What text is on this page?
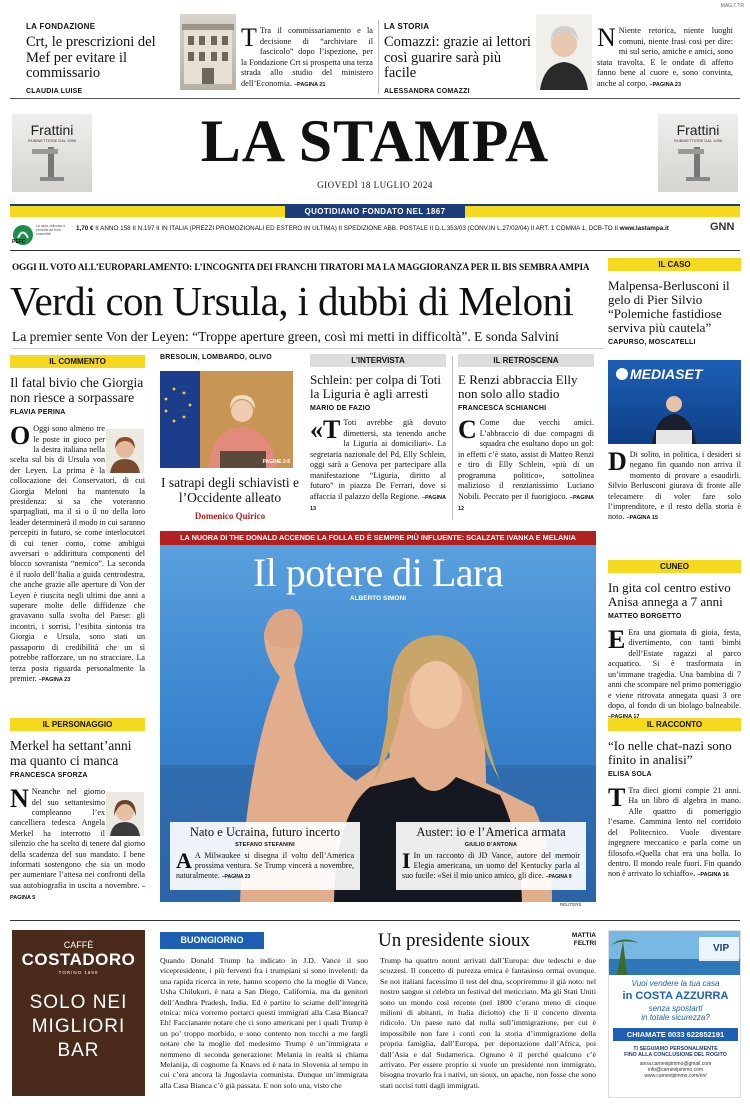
MAG.T.TR
LA FONDAZIONE
Crt, le prescrizioni del Mef per evitare il commissario
CLAUDIA LUISE
T Tra il commissariamento e la decisione di “archiviare il fascicolo” dopo l’ispezione, per la Fondazione Crt si prospetta una terza strada allo studio del ministero dell’Economia. –PAGINA 21
LA STORIA
Comazzi: grazie ai lettori così guarire sarà più facile
ALESSANDRA COMAZZI
N Niente retorica, niente luoghi comuni, niente frasi cosi per dire: mi sul serio, amiche e amici, sono stata travolta. E le ondate di affetto fanno bene al cuore e, sono convinta, anche al corpo. –PAGINA 23
Frattini
RUBINETTERIE DAL 1956
Frattini
RUBINETTERIE DAL 1956
LA STAMPA
GIOVEDÌ 18 LUGLIO 2024
QUOTIDIANO FONDATO NEL 1867
PEFC
La carta utilizzata è prodotta da fonti sostenibili
1,70 € II ANNO 158 II N.197 II IN ITALIA (PREZZI PROMOZIONALI ED ESTERO IN ULTIMA) II SPEDIZIONE ABB. POSTALE II D.L.353/03 (CONV.IN L.27/02/04) II ART. 1 COMMA 1, DCB-TO II www.lastampa.it	GNN
OGGI IL VOTO ALL’EUROPARLAMENTO: L’INCOGNITA DEI FRANCHI TIRATORI MA LA MAGGIORANZA PER IL BIS SEMBRA AMPIA
Verdi con Ursula, i dubbi di Meloni
La premier sente Von der Leyen: “Troppe aperture green, così mi metti in difficoltà”. E sonda Salvini
IL COMMENTO
Il fatal bivio che Giorgia non riesce a sorpassare
FLAVIA PERINA
O Oggi sono almeno tre le poste in gioco per la destra italiana nella scelta sul bis di Ursula von der Leyen. La prima è la collocazione dei Conservatori, di cui Giorgia Meloni ha mantenuto la presidenza: si sa che voteranno sparpagliati, ma il sì o il no della loro leader determinerà il modo in cui saranno percepiti in futuro, se come interlocutori di cui tener conto, come ambigui avversari o addirittura componenti del blocco sovranista “nemico”. La seconda è il ruolo dell’Italia a guida centrodestra, che anche grazie alle aperture di Von der Leyen è riuscita negli ultimi due anni a superare molte delle diffidenze che gravavano sulla svolta del Paese: gli incontri, i sorrisi, l’esibita sintonia tra Giorgia e Ursula, sono stati un passaporto di credibilità che un sì potrebbe rafforzare, un no stracciare. La terza posta riguarda personalmente la premier. –PAGINA 23
IL PERSONAGGIO
Merkel ha settant’anni ma quanto ci manca
FRANCESCA SFORZA
N Neanche nel giorno del suo settantesimo compleanno l’ex cancelliera tedesca Angela Merkel ha interrotto il silenzio che ha scelto di tenere dal giorno della scadenza del suo mandato. I bene informati sostengono che sia un modo per aumentare l’attesa nei confronti della sua autobiografia in uscita a novembre. –PAGINA 5
BRESOLIN, LOMBARDO, OLIVO
PAGINE 2-5
I satrapi degli schiavisti e l’Occidente alleato
Domenico Quirico
L’INTERVISTA
Schlein: per colpa di Toti la Liguria è agli arresti
MARIO DE FAZIO
«T Toti avrebbe già dovuto dimettersi, sta tenendo anche la Liguria ai domiciliari». La segretaria nazionale del Pd, Elly Schlein, oggi sarà a Genova per partecipare alla manifestazione “Liguria, diritto al futuro” in piazza De Ferrari, dove si affaccia il palazzo della Regione. –PAGINA 13
IL RETROSCENA
E Renzi abbraccia Elly non solo allo stadio
FRANCESCA SCHIANCHI
C Come due vecchi amici. L’abbraccio di due compagni di squadra che esultano dopo un gol: in effetti c’è stato, assist di Matteo Renzi e tiro di Elly Schlein, «più di un programma politico», sottolinea malizioso il renzianissimo Luciano Nobili. Peccato per il fuorigioco. –PAGINA 12
LA NUORA DI THE DONALD ACCENDE LA FOLLA ED È SEMPRE PIÙ INFLUENTE: SCALZATE IVANKA E MELANIA
Il potere di Lara
ALBERTO SIMONI
Nato e Ucraina, futuro incerto
STEFANO STEFANINI
A A Milwaukee si disegna il volto dell’America prossima ventura. Se Trump vincerà a novembre, naturalmente. –PAGINA 23
Auster: io e l’America armata
GIULIO D’ANTONA
I In un racconto di JD Vance, autore del memoir Elegia americana, un uomo del Kentucky parla al suo fucile: «Sei il mio unico amico, gli dice. –PAGINA 9
REUTERS
IL CASO
Malpensa-Berlusconi il gelo di Pier Silvio “Polemiche fastidiose serviva più cautela”
CAPURSO, MOSCATELLI
MEDIASET
D Di solito, in politica, i desideri si negano fin quando non arriva il momento di provare a esaudirli. Silvio Berlusconi giurava di fronte alle telecamere di voler fare solo l’imprenditore, e il resto della storia è noto. –PAGINA 15
CUNEO
In gita col centro estivo Anisa annega a 7 anni
MATTEO BORGETTO
E Era una giornata di gioia, festa, divertimento, con tanti bimbi dell’Estate ragazzi al parco acquatico. Si è trasformata in un’immane tragedia. Una bambina di 7 anni che scompare nel primo pomeriggio e viene ritrovata annegata quasi 3 ore dopo, al fondo di un biolago balneabile.
IL RACCONTO
“Io nelle chat-nazi sono finito in analisi”
ELISA SOLA
T Tra dieci giorni compie 21 anni. Ha un libro di algebra in mano. Alle quattro di pomeriggio l’esame. Cammina lento nel corridoio del Politecnico. Vuole diventare ingegnere meccanico e parla come un filosofo.«Quella chat era una bolla. Io dentro. Il mondo reale fuori. Fin quando non è arrivato lo schiaffo». –PAGINA 16
CAFFÈ
COSTADORO
TORINO 1890
SOLO NEI MIGLIORI BAR
BUONGIORNO	Un presidente sioux	MATTIA FELTRI
Quando Donald Trump ha indicato in J.D. Vance il suo vicepresidente, i più ferventi fra i trumpiani si sono invelenti: da una rapida ricerca in rete, hanno scoperto che la moglie di Vance, Usha Chilukuri, è nata a San Diego, California, ma da genitori dell’Andhra Pradesh, India. Ed è partito lo sciame dell’integrità etnica: mica vorremo portarci questi immigrati alla Casa Bianca? Eh! Faccianante notare che ci sono americani per i quali Trump è un po’ troppo morbido, e sono contento non tocchi a me fargli notare che la moglie del medesimo Trump è un’immigrata e nemmeno di seconda generazione: Melania in realtà si chiama Melanija, di cognome fa Knavs ed è nata in Slovenia al tempo in cui c’era ancora la Jugoslavia comunista. Dunque un’immigrata alla Casa Bianca c’è già passata. E non solo una, visto che
Trump ha quattro nonni arrivati dall’Europa: due tedeschi e due scozzesi. Il concetto di purezza etnica è fantasioso ormai ovunque. Se noi italiani facessimo il test del dna, scopriremmo il già noto: nel nostro sangue si celebra un festival del meticciato. Ma gli Stati Uniti sono un mondo così recente (nel 1800 c’erano meno di cinque milioni di abitanti, in Italia diciotto) che lì il concetto diventa ridicolo. Un paese nato dal nulla sull’immigrazione, per cui è impossibile non fare i conti con la storia d’immigrazione della propria famiglia, dall’Europa, per deportazione dall’Africa, poi dall’Asia e dal Sudamerica. Ognuno è il perché qualcuno c’è arrivato. Per essere proprio si vuole un presidente non immigrato, bisogna trovarlo fra i nativi, un sioux, un apache, non fosse che sono stati uccisi tutti dagli immigrati.
VIP
Vuoi vendere la tua casa
in COSTA AZZURRA
senza spostarti
in totale sicurezza?
CHIAMATE 0033 622852191
TI SEGUIAMO PERSONALMENTE
FINO ALLA CONCLUSIONE DEL ROGITO
anna.carnevipimmo@gmail.com
info@carnevipimmo.com
www.carnevipimmo.com/en/
